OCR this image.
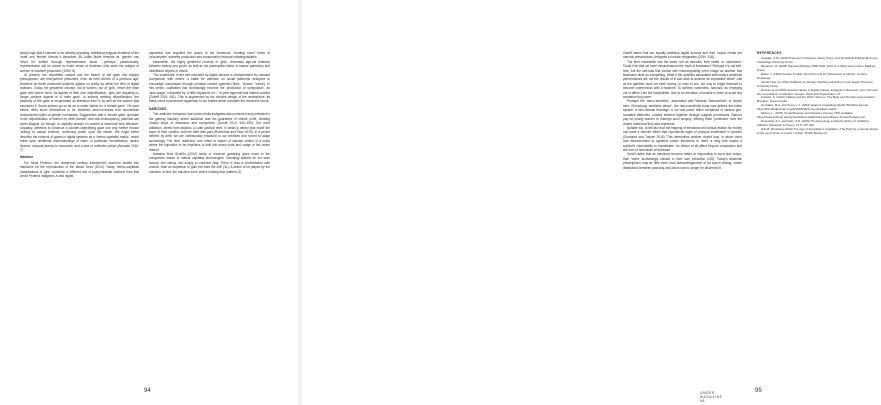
binary logic that it claimed to be actively opposing: stabilising singular iterations of the 'male' and 'female' fictions it described. As Judith Butler reminds us, 'gender' can never be settled through representation alone '...perhaps, paradoxically, representation will be shown to make sense of feminism only when the subject of women is nowhere presumed' (1990, 8).

At present, the objectified subject and the bearer of the gaze this subject presupposes, are everywhere presumed, even as tired clichés of a previous age. Nowhere do these presumed subjects appear so vividly as within the field of digital relations. Today, the gendered concept, not of women, but of 'girls', return the male gaze with potent force. As agents of their own objectification, 'girls' are arguably no longer passive objects of a 'male gaze'. In actively seeking objectification, the passivity of this gaze is recuperated as liberation from it, as well as the system that structures it. Some authors go so far as to make claims for 'a female gaze'. Yet such efforts often show themselves to be fetishistic semi-reversals that reconstitute fundamental myths of gender normativity. Suggestions that a 'female gaze' operates in the objectification of women by other women, and has emancipatory, potential can seem illogical. As though, to objectify women on women is somehow less offensive. Arguably, attempts to construct a counter-objectifying gaze can only further reduce 'seeing' to casual violence, conferring power upon the viewer. We might better describe the network of gazes in digital systems as a 'hetero-capitalist matrix,' which relies upon neoliberal understandings of value, in particular, monetisation; casino finance; unequal access to resources, and a lack of collective action (Amadae 2016, 7).

Machine

For Silvia Pedeeci, the nineteenth century transformed women's bodies into machines for the reproduction of the labour force (2014). Today, hetero-capitalist instantiations of 'girls' constitute a different sort of post-industrial machine than that which Pedeeci imagined. A vast digital

apparatus has engulfed the space of the commons, creating novel forms of 'prosumption' whereby production and consumption become indistinguishable.

Meanwhile, the highly gendered concept of 'girls', rehearses age-old relations between beauty and youth, as well as the paedophilic taboo of mature patriarchy and infantilised objects of desire.

The experience of the self-mediated by digital devices is characterised by constant comparison with others: a battle for attention on social platforms designed to encourage compulsion through primitive reward systems ('likes', 'shares', 'views'). In this sense, capitalism has increasingly become the 'production of compulsion', an 'auto-magic', lubricated by "a little dopamine hit..." of peer approval and shared content (Zuboff 2019, 451). This is augmented by the intuitive design of the smartphone, its black mirror touchscreen appended to our bodies which complete the electronic circuit.

NARCOSIS

The addictive behaviour that social media instigates was pioneered and perfected in the gaming industry, where addiction was the guarantee of infinite profit, creating 'closed loops of obsession and compulsion' (Zuboff 2019, 449–450). Our word addiction, stems from addictio, a Latin juridical term, in which a debtor was made the slave of their creditor, until the debt was paid (Rosenthal and Faris 2019). In a period defined by debt, we are continuously enslaved to our creditors and forced to adapt accordingly. The term 'addiction' now refers to issues of impulse control in a world where the injunction to be impulsive is built into every node and nudge of the online market.

Natasha Dow Schüll's (2012) study of machine gambling gives clues to the compulsive nature of mature capitalist technologies. Gambling addicts do not seek money, she claims, but simply to continue play. There is less a confrontation with chance, than an aspiration to gain exit from the self' (31). A desire to be played by the machine; to find 'the machine zone' where nothing else matters (2).

94

Zuboff warns that our equally addictive digital devices and their 'social' media are narcotic prescriptions, designed to induce resignation (2019, 516).

The term narcissism has the same root as narcosis, from narke, or 'numbness'. Could it be that we have misunderstood the myth of Narcissus? Perhaps it is not self-love, but the self-loss that comes with misrecognising one's image as another that Narcissus finds so compelling. What if the qualities associated with today's aesthetic performances are not the results of a vain wish to achieve an impossible ideal? Just as the gambler does not seek money, or even to win, but only to forget themself to become coterminous with a machine. To achieve numbness, narcosis, an emptying out of affect. Like the bodybuilder, clad in an armature of muscle in order to avoid any sensation but power.

Perhaps the 'narco-aesthetic', associated with Mexican Narcoculture, is helpful here. Embodying 'aesthetic labour', the narco-aesthetic body now defines the entire system. A neo-colonial bricolage: a 'cut and paste' fetish comprised of various geo-locatable attributes, crudely stitched together through surgical procedures. Narco's pay for young women to undergo such surgery, offering them 'protection' from the violent mafia that they also represent.

Notable too, is the fact that the feigning of emotional and sexual elation for money can have a narcotic effect that reproduces signs of physical excitement in workers (Gonzalez and Toyoen 2016). This determines another closed loop, in which one's own abandonment to systemic power structures is, itself, a drug that masks a subject's vulnerability to exploitation. An elision of all affect beyond compulsion and the rush of hedonistic self-erasure.

Schüll notes that as machines become better at responding to input and output, their 'users' increasingly collude in their own extinction (181). Today's aesthetic prescriptions may be little more than acknowledgement of an epoch ending, where distinctions between passivity and action can no longer be discerned //

REFERENCES

Amadae, S.M. (2016) Prisoners of Reason: Game Theory and Neoliberal Political Economy. Cambridge University Press.

Benjamin, W. (2008) Selected Writings 1938-1940, Volume 4. Mass and London: Belknap Press.

Butler, J. (1990) Gender Trouble: Feminism and the Subversion of Identity. London: Routledge.

Schüll, Dow, N. (2012) Addiction by Design: Machine Gambling in Las Vegas. Princeton University Press.

Dennen et al (2020) Seeded Labour in Digital Culture: Instagram influencers, porn chic and the monetization of attention. Gender, Work and Organization, 27.

Federici, S. (2014) Caliban and the Witch: Women, The Body and Primitive Accumulation. Brooklyn: Autonomedia.

Gonzalez, M.A. and Toyoen, C. (2016) Heart of a Heartless World, Blindfold Journal. https://blindfoldjournal.com/2016/06/26/3-of-a-heartless-world/

Mulvey, L. (1975) Visual Pleasure and Narrative Cinema. PDF available: https://www.amherst.edu/system/files/media/1021/Laura-Mulvey-Visual-Pleasure.pdf

Rosenthal, R.J. and Faris, S.B. (2019) The Etymology and Early History of 'Addiction'. Addiction Research & Theory, 27:5, 437-449.

Zuboff, Shoshana (2019) The Age of Surveillance Capitalism: The Fight for a Human Future at the new frontier of power. London: Profile Books Ltd.

UNDER MAGAZINE #8
95
